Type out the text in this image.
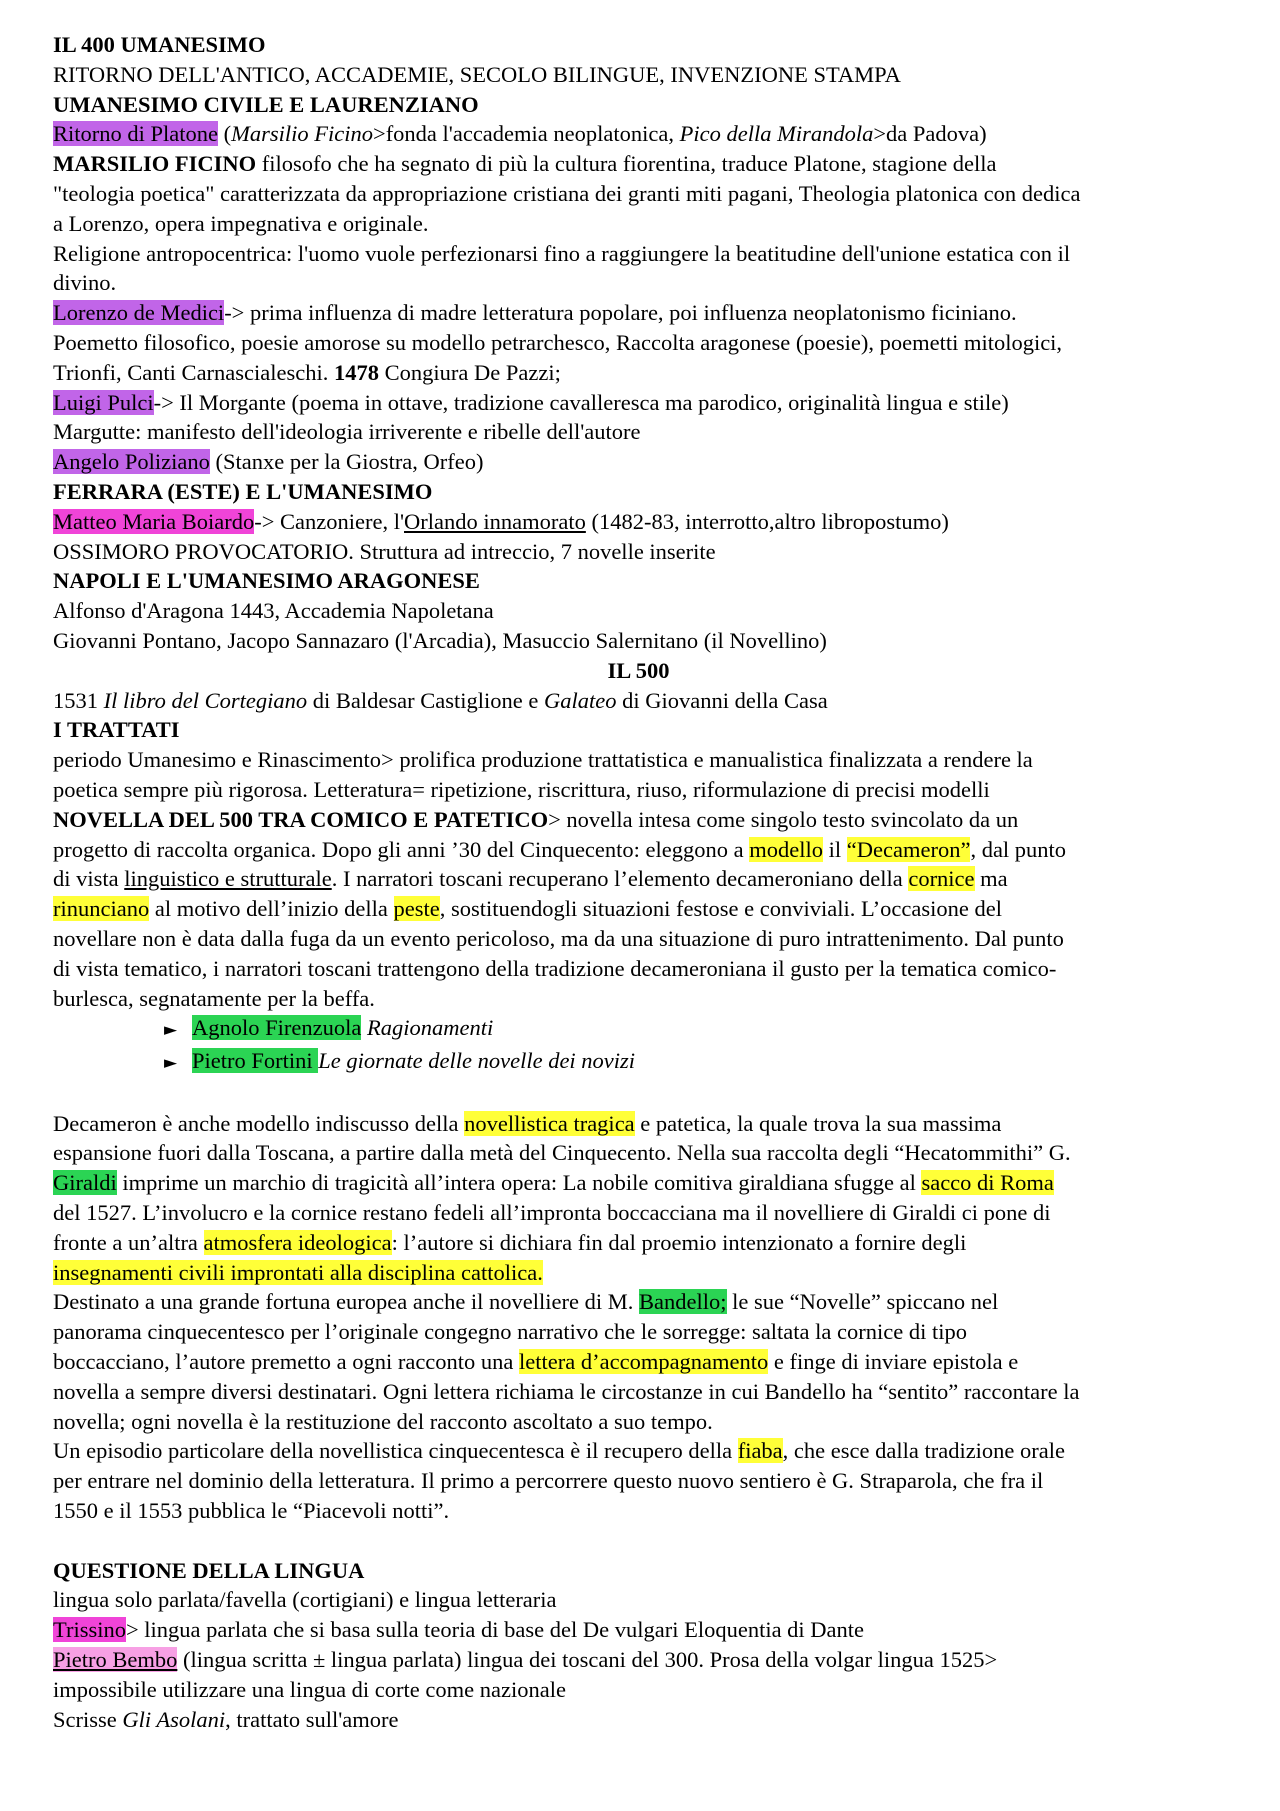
IL 400 UMANESIMO

RITORNO DELL'ANTICO, ACCADEMIE, SECOLO BILINGUE, INVENZIONE STAMPA

UMANESIMO CIVILE E LAURENZIANO

Ritorno di Platone (Marsilio Ficino>fonda l'accademia neoplatonica, Pico della Mirandola>da Padova)

MARSILIO FICINO filosofo che ha segnato di più la cultura fiorentina, traduce Platone, stagione della

"teologia poetica" caratterizzata da appropriazione cristiana dei granti miti pagani, Theologia platonica con dedica

a Lorenzo, opera impegnativa e originale.

Religione antropocentrica: l'uomo vuole perfezionarsi fino a raggiungere la beatitudine dell'unione estatica con il

divino.

Lorenzo de Medici-> prima influenza di madre letteratura popolare, poi influenza neoplatonismo ficiniano.

Poemetto filosofico, poesie amorose su modello petrarchesco, Raccolta aragonese (poesie), poemetti mitologici,

Trionfi, Canti Carnascialeschi. 1478 Congiura De Pazzi;

Luigi Pulci-> Il Morgante (poema in ottave, tradizione cavalleresca ma parodico, originalità lingua e stile)

Margutte: manifesto dell'ideologia irriverente e ribelle dell'autore

Angelo Poliziano (Stanxe per la Giostra, Orfeo)

FERRARA (ESTE) E L'UMANESIMO

Matteo Maria Boiardo-> Canzoniere, l'Orlando innamorato (1482-83, interrotto,altro libropostumo)

OSSIMORO PROVOCATORIO. Struttura ad intreccio, 7 novelle inserite

NAPOLI E L'UMANESIMO ARAGONESE

Alfonso d'Aragona 1443, Accademia Napoletana

Giovanni Pontano, Jacopo Sannazaro (l'Arcadia), Masuccio Salernitano (il Novellino)

IL 500

1531 Il libro del Cortegiano di Baldesar Castiglione e Galateo di Giovanni della Casa

I TRATTATI

periodo Umanesimo e Rinascimento> prolifica produzione trattatistica e manualistica finalizzata a rendere la

poetica sempre più rigorosa. Letteratura= ripetizione, riscrittura, riuso, riformulazione di precisi modelli

NOVELLA DEL 500 TRA COMICO E PATETICO> novella intesa come singolo testo svincolato da un

progetto di raccolta organica. Dopo gli anni ’30 del Cinquecento: eleggono a modello il “Decameron”, dal punto

di vista linguistico e strutturale. I narratori toscani recuperano l’elemento decameroniano della cornice ma

rinunciano al motivo dell’inizio della peste, sostituendogli situazioni festose e conviviali. L’occasione del

novellare non è data dalla fuga da un evento pericoloso, ma da una situazione di puro intrattenimento. Dal punto

di vista tematico, i narratori toscani trattengono della tradizione decameroniana il gusto per la tematica comico-

burlesca, segnatamente per la beffa.

► Agnolo Firenzuola Ragionamenti

► Pietro Fortini Le giornate delle novelle dei novizi

Decameron è anche modello indiscusso della novellistica tragica e patetica, la quale trova la sua massima

espansione fuori dalla Toscana, a partire dalla metà del Cinquecento. Nella sua raccolta degli “Hecatommithi” G.

Giraldi imprime un marchio di tragicità all’intera opera: La nobile comitiva giraldiana sfugge al sacco di Roma

del 1527. L’involucro e la cornice restano fedeli all’impronta boccacciana ma il novelliere di Giraldi ci pone di

fronte a un’altra atmosfera ideologica: l’autore si dichiara fin dal proemio intenzionato a fornire degli

insegnamenti civili improntati alla disciplina cattolica.

Destinato a una grande fortuna europea anche il novelliere di M. Bandello; le sue “Novelle” spiccano nel

panorama cinquecentesco per l’originale congegno narrativo che le sorregge: saltata la cornice di tipo

boccacciano, l’autore premetto a ogni racconto una lettera d’accompagnamento e finge di inviare epistola e

novella a sempre diversi destinatari. Ogni lettera richiama le circostanze in cui Bandello ha “sentito” raccontare la

novella; ogni novella è la restituzione del racconto ascoltato a suo tempo.

Un episodio particolare della novellistica cinquecentesca è il recupero della fiaba, che esce dalla tradizione orale

per entrare nel dominio della letteratura. Il primo a percorrere questo nuovo sentiero è G. Straparola, che fra il

1550 e il 1553 pubblica le “Piacevoli notti”.

QUESTIONE DELLA LINGUA

lingua solo parlata/favella (cortigiani) e lingua letteraria

Trissino> lingua parlata che si basa sulla teoria di base del De vulgari Eloquentia di Dante

Pietro Bembo (lingua scritta ± lingua parlata) lingua dei toscani del 300. Prosa della volgar lingua 1525>

impossibile utilizzare una lingua di corte come nazionale

Scrisse Gli Asolani, trattato sull'amore
